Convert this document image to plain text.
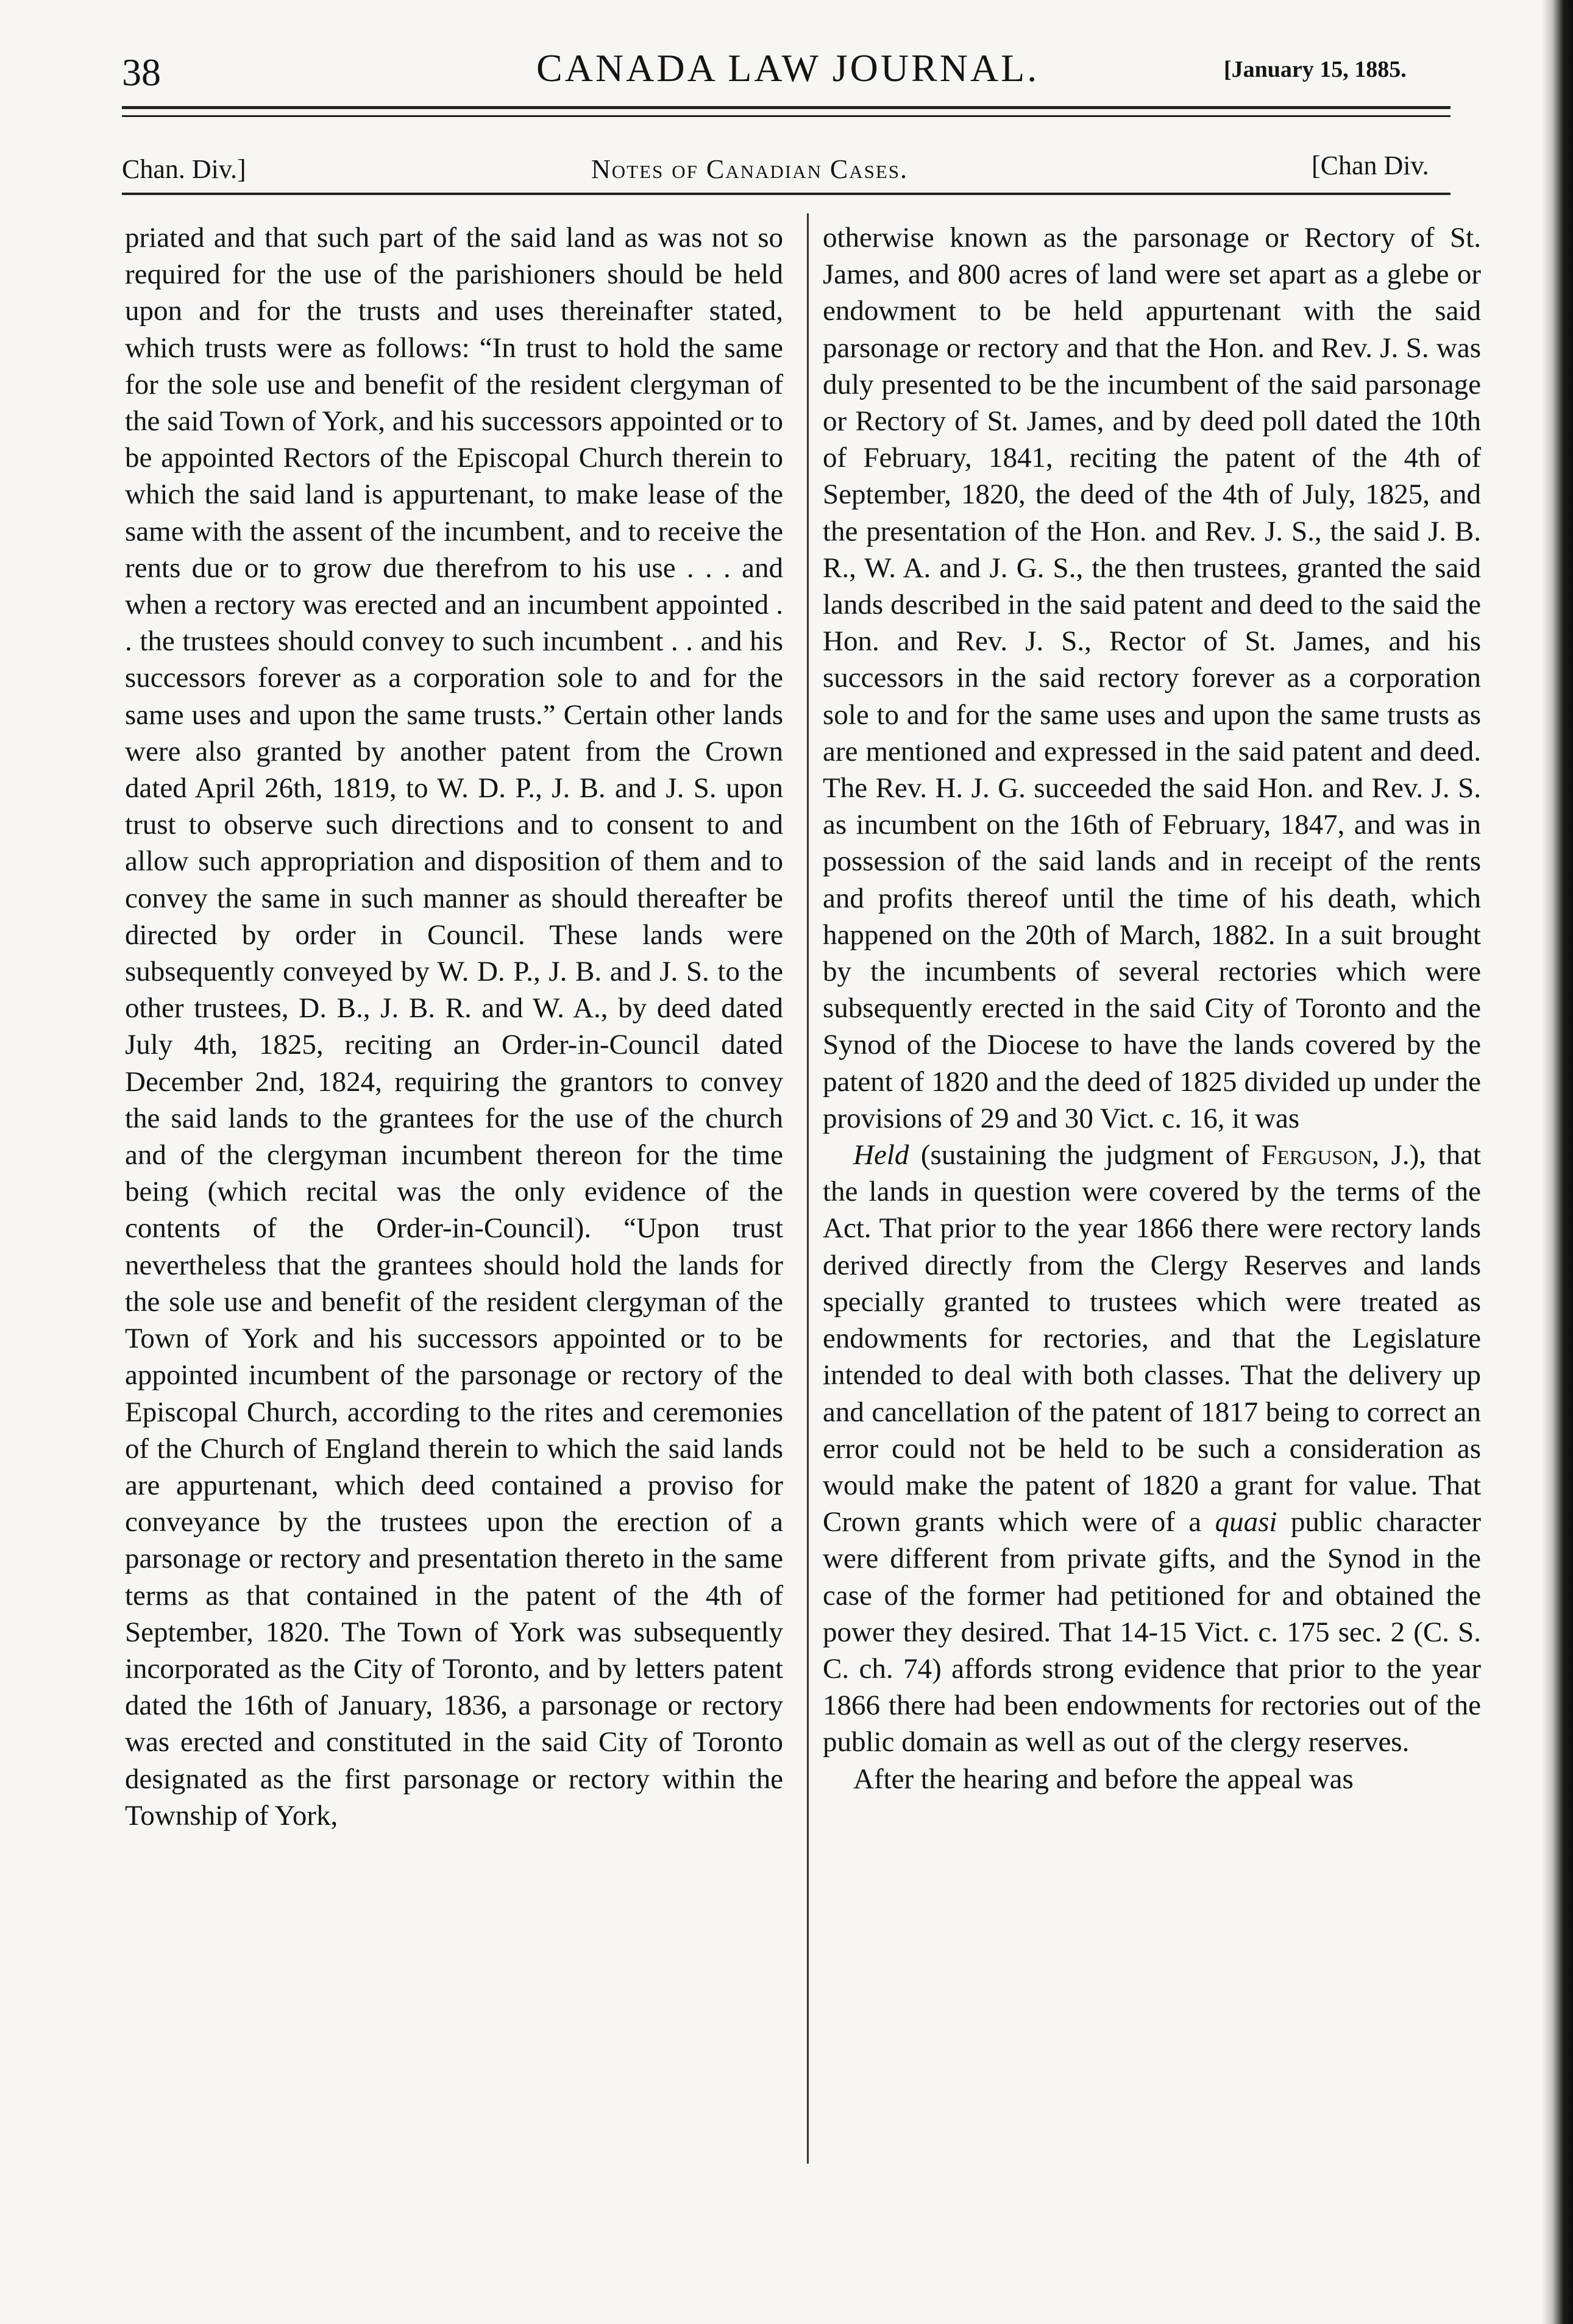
38	CANADA LAW JOURNAL.	[January 15, 1885.
Chan. Div.]	Notes of Canadian Cases.	[Chan Div.

priated and that such part of the said land as was not so required for the use of the parishioners should be held upon and for the trusts and uses thereinafter stated, which trusts were as follows: “In trust to hold the same for the sole use and benefit of the resident clergyman of the said Town of York, and his successors appointed or to be appointed Rectors of the Episcopal Church therein to which the said land is appurtenant, to make lease of the same with the assent of the incumbent, and to receive the rents due or to grow due therefrom to his use . . . and when a rectory was erected and an incumbent appointed . . the trustees should convey to such incumbent . . and his successors forever as a corporation sole to and for the same uses and upon the same trusts.” Certain other lands were also granted by another patent from the Crown dated April 26th, 1819, to W. D. P., J. B. and J. S. upon trust to observe such directions and to consent to and allow such appropriation and disposition of them and to convey the same in such manner as should thereafter be directed by order in Council. These lands were subsequently conveyed by W. D. P., J. B. and J. S. to the other trustees, D. B., J. B. R. and W. A., by deed dated July 4th, 1825, reciting an Order-in-Council dated December 2nd, 1824, requiring the grantors to convey the said lands to the grantees for the use of the church and of the clergyman incumbent thereon for the time being (which recital was the only evidence of the contents of the Order-in-Council). “Upon trust nevertheless that the grantees should hold the lands for the sole use and benefit of the resident clergyman of the Town of York and his successors appointed or to be appointed incumbent of the parsonage or rectory of the Episcopal Church, according to the rites and ceremonies of the Church of England therein to which the said lands are appurtenant, which deed contained a proviso for conveyance by the trustees upon the erection of a parsonage or rectory and presentation thereto in the same terms as that contained in the patent of the 4th of September, 1820. The Town of York was subsequently incorporated as the City of Toronto, and by letters patent dated the 16th of January, 1836, a parsonage or rectory was erected and constituted in the said City of Toronto designated as the first parsonage or rectory within the Township of York,

otherwise known as the parsonage or Rectory of St. James, and 800 acres of land were set apart as a glebe or endowment to be held appurtenant with the said parsonage or rectory and that the Hon. and Rev. J. S. was duly presented to be the incumbent of the said parsonage or Rectory of St. James, and by deed poll dated the 10th of February, 1841, reciting the patent of the 4th of September, 1820, the deed of the 4th of July, 1825, and the presentation of the Hon. and Rev. J. S., the said J. B. R., W. A. and J. G. S., the then trustees, granted the said lands described in the said patent and deed to the said the Hon. and Rev. J. S., Rector of St. James, and his successors in the said rectory forever as a corporation sole to and for the same uses and upon the same trusts as are mentioned and expressed in the said patent and deed. The Rev. H. J. G. succeeded the said Hon. and Rev. J. S. as incumbent on the 16th of February, 1847, and was in possession of the said lands and in receipt of the rents and profits thereof until the time of his death, which happened on the 20th of March, 1882. In a suit brought by the incumbents of several rectories which were subsequently erected in the said City of Toronto and the Synod of the Diocese to have the lands covered by the patent of 1820 and the deed of 1825 divided up under the provisions of 29 and 30 Vict. c. 16, it was

Held (sustaining the judgment of Ferguson, J.), that the lands in question were covered by the terms of the Act. That prior to the year 1866 there were rectory lands derived directly from the Clergy Reserves and lands specially granted to trustees which were treated as endowments for rectories, and that the Legislature intended to deal with both classes. That the delivery up and cancellation of the patent of 1817 being to correct an error could not be held to be such a consideration as would make the patent of 1820 a grant for value. That Crown grants which were of a quasi public character were different from private gifts, and the Synod in the case of the former had petitioned for and obtained the power they desired. That 14-15 Vict. c. 175 sec. 2 (C. S. C. ch. 74) affords strong evidence that prior to the year 1866 there had been endowments for rectories out of the public domain as well as out of the clergy reserves.

After the hearing and before the appeal was
